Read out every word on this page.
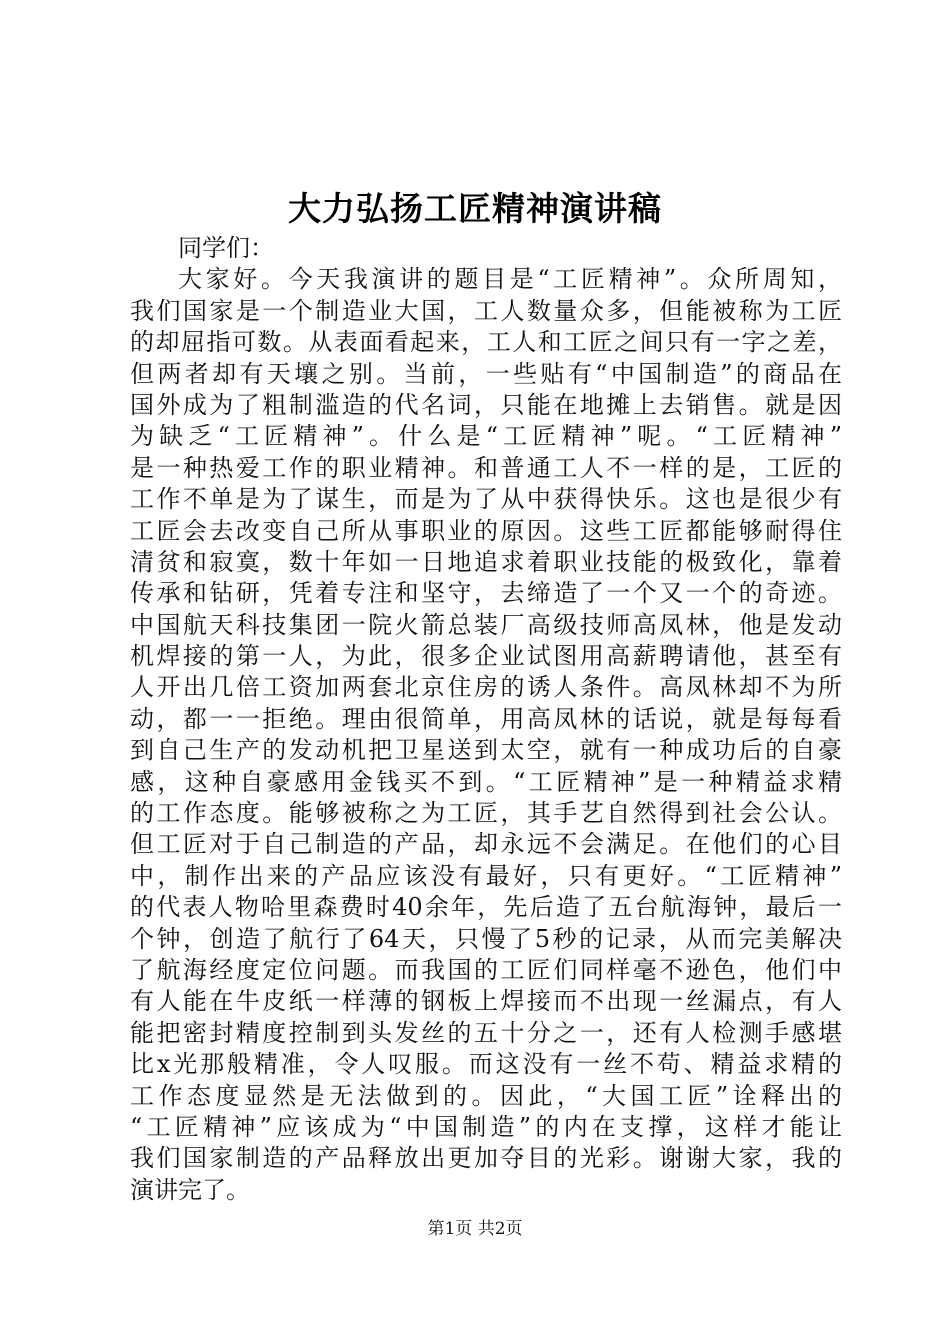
大力弘扬工匠精神演讲稿
同学们：
大家好。今天我演讲的题目是“工匠精神”。众所周知，
我们国家是一个制造业大国，工人数量众多，但能被称为工匠
的却屈指可数。从表面看起来，工人和工匠之间只有一字之差，
但两者却有天壤之别。当前，一些贴有“中国制造”的商品在
国外成为了粗制滥造的代名词，只能在地摊上去销售。就是因
为缺乏“工匠精神”。什么是“工匠精神”呢。“工匠精神”
是一种热爱工作的职业精神。和普通工人不一样的是，工匠的
工作不单是为了谋生，而是为了从中获得快乐。这也是很少有
工匠会去改变自己所从事职业的原因。这些工匠都能够耐得住
清贫和寂寞，数十年如一日地追求着职业技能的极致化，靠着
传承和钻研，凭着专注和坚守，去缔造了一个又一个的奇迹。
中国航天科技集团一院火箭总装厂高级技师高凤林，他是发动
机焊接的第一人，为此，很多企业试图用高薪聘请他，甚至有
人开出几倍工资加两套北京住房的诱人条件。高凤林却不为所
动，都一一拒绝。理由很简单，用高凤林的话说，就是每每看
到自己生产的发动机把卫星送到太空，就有一种成功后的自豪
感，这种自豪感用金钱买不到。“工匠精神”是一种精益求精
的工作态度。能够被称之为工匠，其手艺自然得到社会公认。
但工匠对于自己制造的产品，却永远不会满足。在他们的心目
中，制作出来的产品应该没有最好，只有更好。“工匠精神”
的代表人物哈里森费时40余年，先后造了五台航海钟，最后一
个钟，创造了航行了64天，只慢了5秒的记录，从而完美解决
了航海经度定位问题。而我国的工匠们同样毫不逊色，他们中
有人能在牛皮纸一样薄的钢板上焊接而不出现一丝漏点，有人
能把密封精度控制到头发丝的五十分之一，还有人检测手感堪
比x光那般精准，令人叹服。而这没有一丝不苟、精益求精的
工作态度显然是无法做到的。因此，“大国工匠”诠释出的
“工匠精神”应该成为“中国制造”的内在支撑，这样才能让
我们国家制造的产品释放出更加夺目的光彩。谢谢大家，我的
演讲完了。
第1页 共2页
